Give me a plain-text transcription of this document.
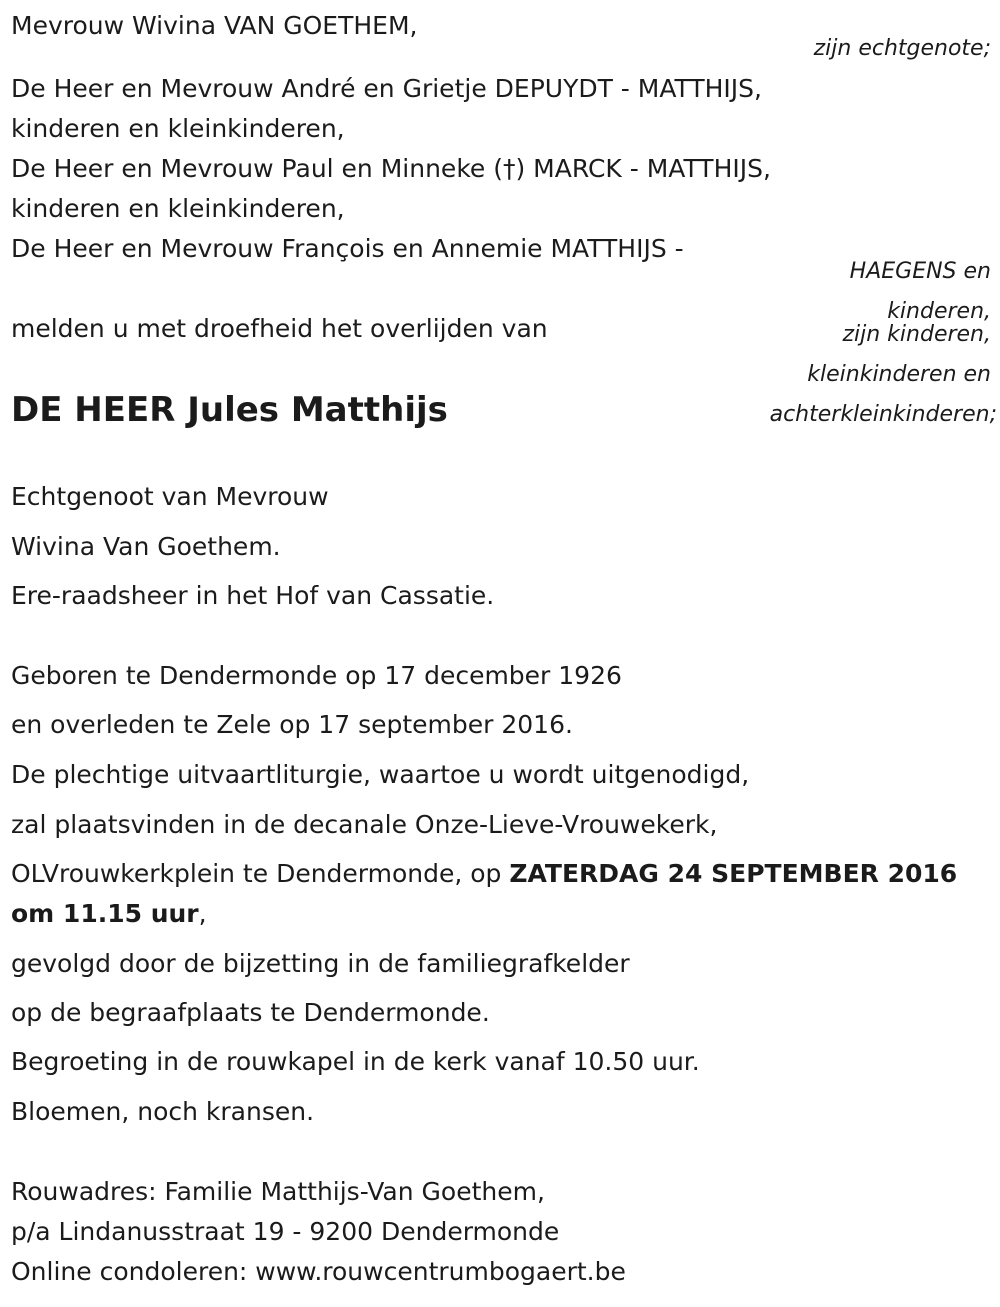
Mevrouw Wivina VAN GOETHEM,
zijn echtgenote;
De Heer en Mevrouw André en Grietje DEPUYDT - MATTHIJS,
kinderen en kleinkinderen,
De Heer en Mevrouw Paul en Minneke (†) MARCK - MATTHIJS,
kinderen en kleinkinderen,
De Heer en Mevrouw François en Annemie MATTHIJS -
HAEGENS en
kinderen,
zijn kinderen,
kleinkinderen en
achterkleinkinderen;
melden u met droefheid het overlijden van
DE HEER Jules Matthijs
Echtgenoot van Mevrouw
Wivina Van Goethem.
Ere-raadsheer in het Hof van Cassatie.
Geboren te Dendermonde op 17 december 1926
en overleden te Zele op 17 september 2016.
De plechtige uitvaartliturgie, waartoe u wordt uitgenodigd,
zal plaatsvinden in de decanale Onze-Lieve-Vrouwekerk,
OLVrouwkerkplein te Dendermonde, op ZATERDAG 24 SEPTEMBER 2016
om 11.15 uur,
gevolgd door de bijzetting in de familiegrafkelder
op de begraafplaats te Dendermonde.
Begroeting in de rouwkapel in de kerk vanaf 10.50 uur.
Bloemen, noch kransen.
Rouwadres: Familie Matthijs-Van Goethem,
p/a Lindanusstraat 19 - 9200 Dendermonde
Online condoleren: www.rouwcentrumbogaert.be
